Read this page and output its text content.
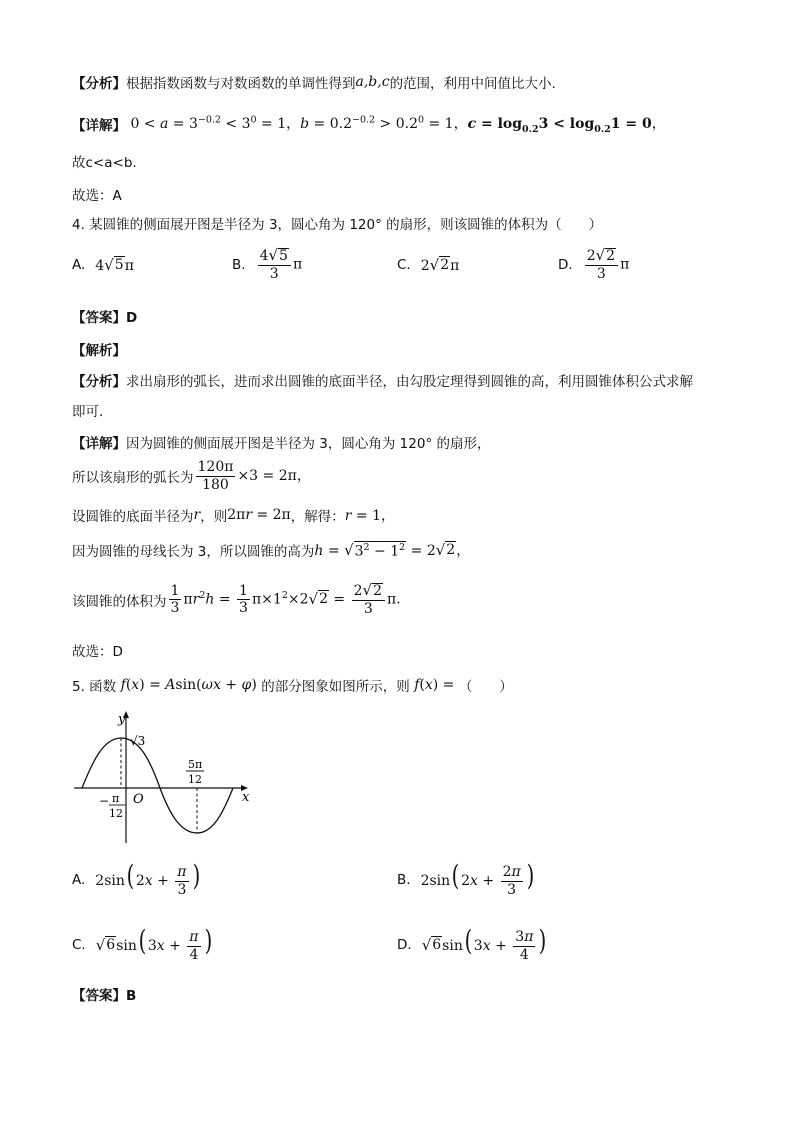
【分析】 根据指数函数与对数函数的单调性得到 a,b,c 的范围，利用中间值比大小.
【详解】 $0 < a = 3^{-0.2} < 3^0 = 1$，$b = 0.2^{-0.2} > 0.2^0 = 1$，$c = \log_{0.2}3 < \log_{0.2}1 = 0$，
故c<a<b.
故选：A
4. 某圆锥的侧面展开图是半径为 3，圆心角为 120° 的扇形，则该圆锥的体积为（　　）
A. 4 √ 5 π	B. $\frac{4 √ 5}{3}$ π	C. 2 √ 2 π	D. $\frac{2 √ 2}{3}$ π
【答案】D
【解析】
【分析】 求出扇形的弧长，进而求出圆锥的底面半径，由勾股定理得到圆锥的高，利用圆锥体积公式求解
即可.
【详解】 因为圆锥的侧面展开图是半径为 3，圆心角为 120° 的扇形，
所以该扇形的弧长为 $\frac{120\pi}{180} \times 3 = 2\pi$，
设圆锥的底面半径为 r ，则 2πr = 2π ，解得： r = 1，
因为圆锥的母线长为 3，所以圆锥的高为 h = √ $3^2 - 1^2 = 2$ √ 2 ，
该圆锥的体积为 $\frac{1}{3} \pi r^2h = \frac{1}{3} \pi\times 1^2\times 2$ √ $2 = \frac{2 √ 2}{3} \pi$.
故选：D
5. 函数 f(x) = Asin(ωx + φ) 的部分图象如图所示，则 f(x) = （　　）
y
x
O
√3
− π
12
5π
12
A. 2sin( $2x + \frac{\pi}{3}$ )	B. 2sin( $2x + \frac{2\pi}{3}$ )
C. √ 6 sin( $3x + \frac{\pi}{4}$ )	D. √ 6 sin( $3x + \frac{3\pi}{4}$ )
【答案】B
